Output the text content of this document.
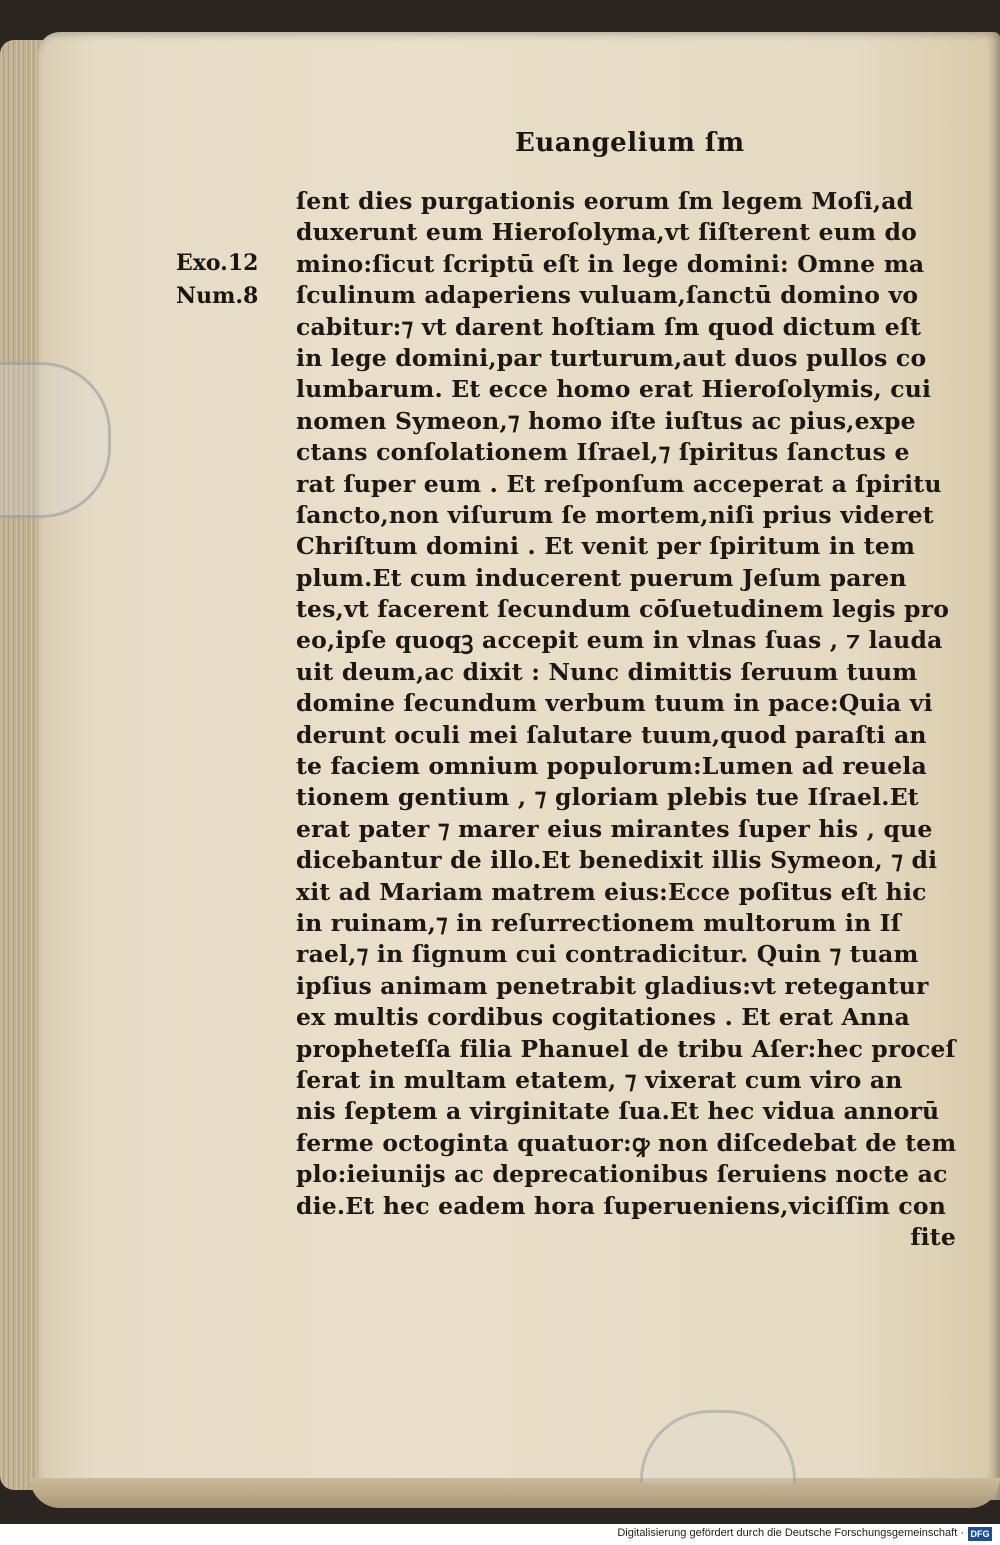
Euangelium ſm
Exo.12
Num.8
ſent dies purgationis eorum ſm legem Moſi,ad
duxerunt eum Hieroſolyma,vt ſiſterent eum do
mino:ſicut ſcriptū eſt in lege domini: Omne ma
ſculinum adaperiens vuluam,ſanctū domino vo
cabitur:⁊ vt darent hoſtiam ſm quod dictum eſt
in lege domini,par turturum,aut duos pullos co
lumbarum. Et ecce homo erat Hieroſolymis, cui
nomen Symeon,⁊ homo iſte iuſtus ac pius,expe
ctans conſolationem Iſrael,⁊ ſpiritus ſanctus e
rat ſuper eum . Et reſponſum acceperat a ſpiritu
ſancto,non viſurum ſe mortem,niſi prius videret
Chriſtum domini . Et venit per ſpiritum in tem
plum.Et cum inducerent puerum Jeſum paren
tes,vt facerent ſecundum cōſuetudinem legis pro
eo,ipſe quoqꝫ accepit eum in vlnas ſuas , ⁊ lauda
uit deum,ac dixit : Nunc dimittis ſeruum tuum
domine ſecundum verbum tuum in pace:Quia vi
derunt oculi mei ſalutare tuum,quod paraſti an
te faciem omnium populorum:Lumen ad reuela
tionem gentium , ⁊ gloriam plebis tue Iſrael.Et
erat pater ⁊ marer eius mirantes ſuper his , que
dicebantur de illo.Et benedixit illis Symeon, ⁊ di
xit ad Mariam matrem eius:Ecce poſitus eſt hic
in ruinam,⁊ in reſurrectionem multorum in Iſ
rael,⁊ in ſignum cui contradicitur. Quin ⁊ tuam
ipſius animam penetrabit gladius:vt retegantur
ex multis cordibus cogitationes . Et erat Anna
propheteſſa filia Phanuel de tribu Aſer:hec proceſ
ſerat in multam etatem, ⁊ vixerat cum viro an
nis ſeptem a virginitate ſua.Et hec vidua annorū
ferme octoginta quatuor:ꝙ non diſcedebat de tem
plo:ieiunijs ac deprecationibus ſeruiens nocte ac
die.Et hec eadem hora ſuperueniens,viciſſim con
fite
Digitalisierung gefördert durch die Deutsche Forschungsgemeinschaft · DFG
